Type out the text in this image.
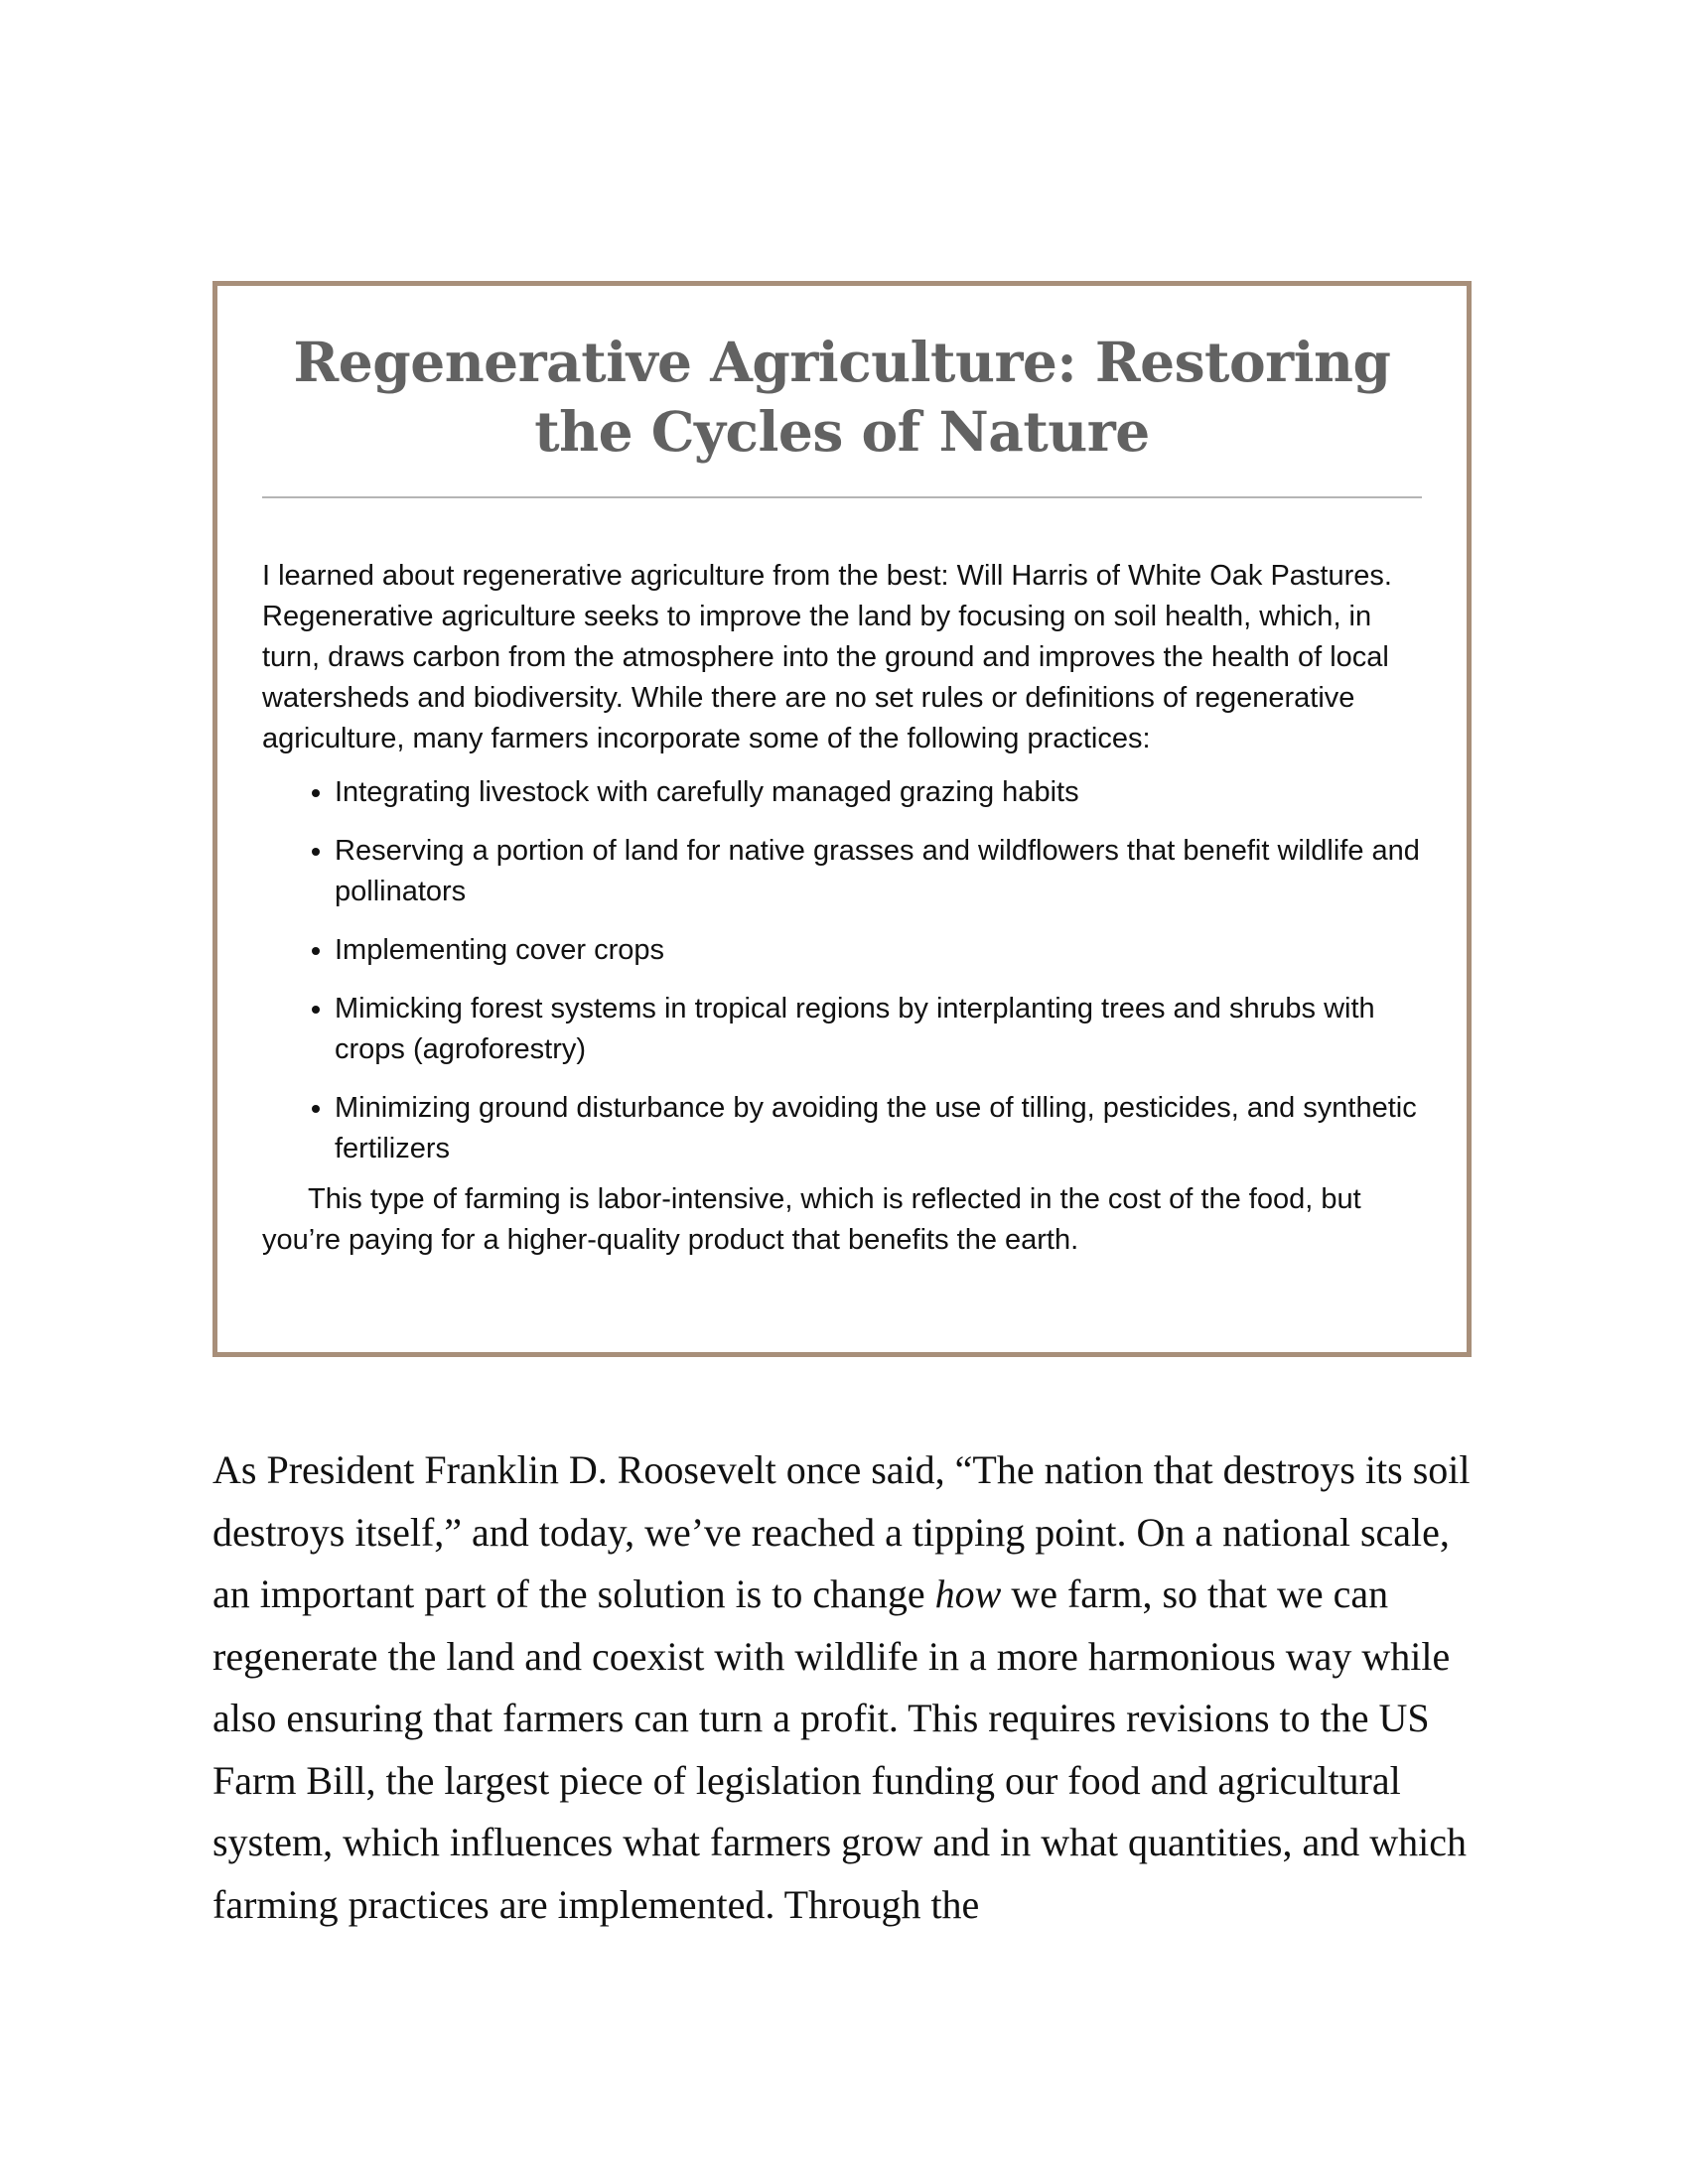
Regenerative Agriculture: Restoring the Cycles of Nature

I learned about regenerative agriculture from the best: Will Harris of White Oak Pastures. Regenerative agriculture seeks to improve the land by focusing on soil health, which, in turn, draws carbon from the atmosphere into the ground and improves the health of local watersheds and biodiversity. While there are no set rules or definitions of regenerative agriculture, many farmers incorporate some of the following practices:

• Integrating livestock with carefully managed grazing habits
• Reserving a portion of land for native grasses and wildflowers that benefit wildlife and pollinators
• Implementing cover crops
• Mimicking forest systems in tropical regions by interplanting trees and shrubs with crops (agroforestry)
• Minimizing ground disturbance by avoiding the use of tilling, pesticides, and synthetic fertilizers

This type of farming is labor-intensive, which is reflected in the cost of the food, but you’re paying for a higher-quality product that benefits the earth.

As President Franklin D. Roosevelt once said, “The nation that destroys its soil destroys itself,” and today, we’ve reached a tipping point. On a national scale, an important part of the solution is to change how we farm, so that we can regenerate the land and coexist with wildlife in a more harmonious way while also ensuring that farmers can turn a profit. This requires revisions to the US Farm Bill, the largest piece of legislation funding our food and agricultural system, which influences what farmers grow and in what quantities, and which farming practices are implemented. Through the
